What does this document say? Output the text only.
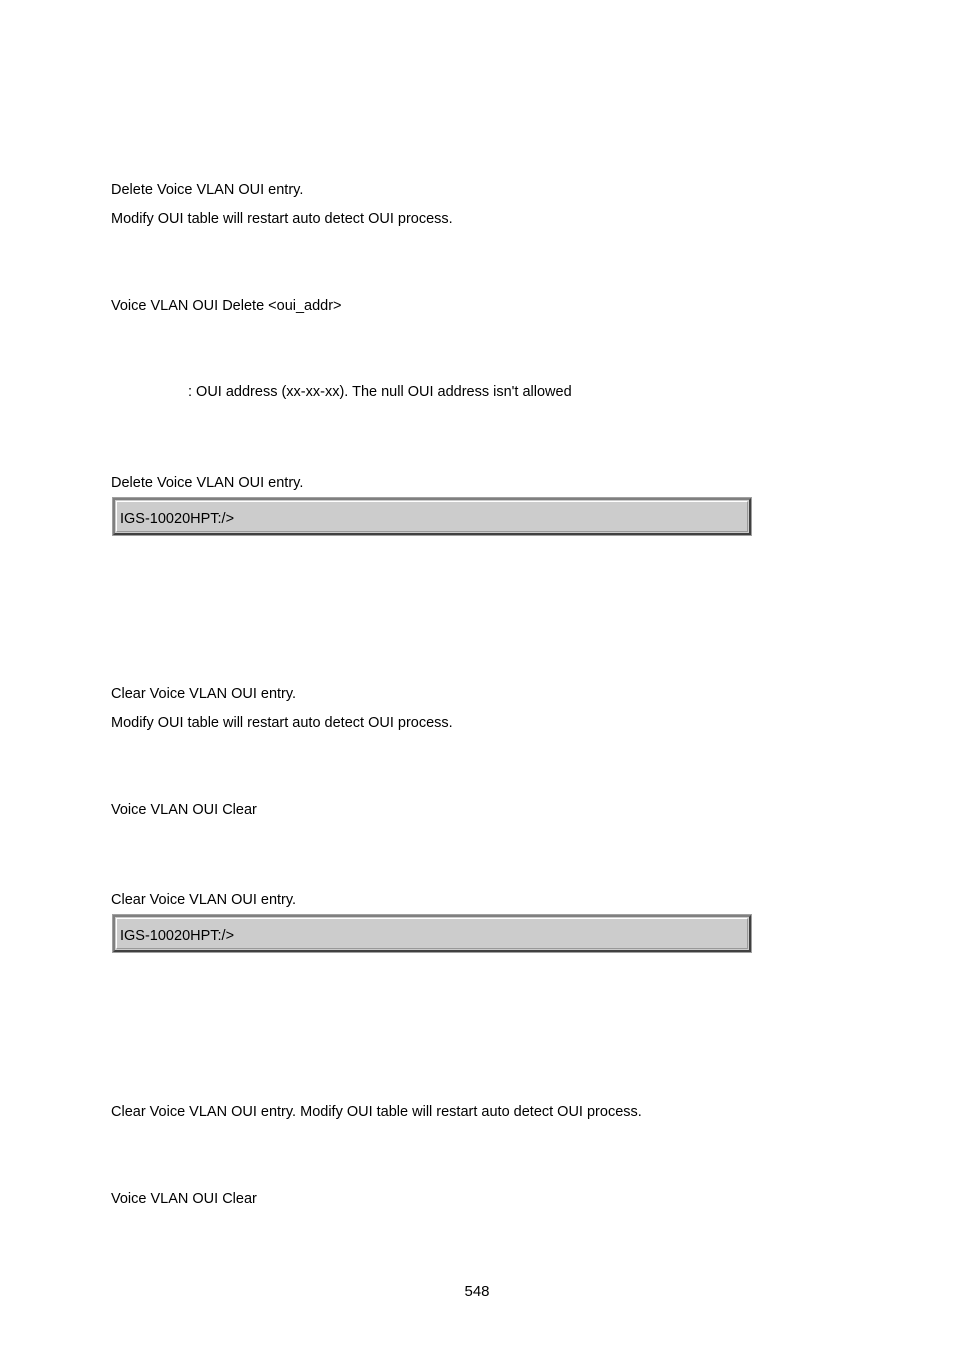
Delete Voice VLAN OUI entry.
Modify OUI table will restart auto detect OUI process.
Voice VLAN OUI Delete <oui_addr>
: OUI address (xx-xx-xx). The null OUI address isn't allowed
Delete Voice VLAN OUI entry.
IGS-10020HPT:/>
Clear Voice VLAN OUI entry.
Modify OUI table will restart auto detect OUI process.
Voice VLAN OUI Clear
Clear Voice VLAN OUI entry.
IGS-10020HPT:/>
Clear Voice VLAN OUI entry. Modify OUI table will restart auto detect OUI process.
Voice VLAN OUI Clear
548
